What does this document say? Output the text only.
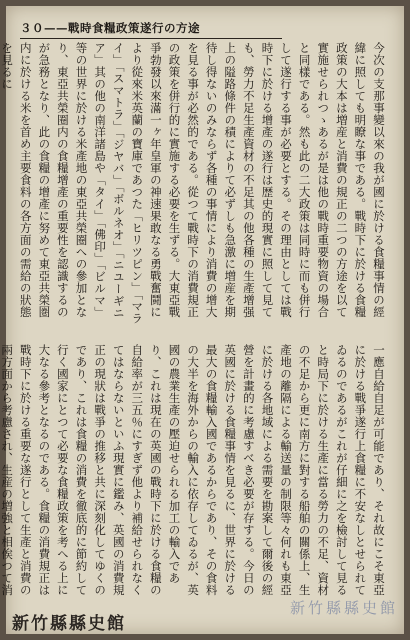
３０——戰時食糧政策遂行の方途
今次の支那事變以來の我が國に於ける食糧事情の經緯に照しても明瞭な事である。戰時下に於ける食糧政策の大本は増産と消費の規正の二つの方途を以て實施せられつゝあるが是は他の戰時重要物資の場合と同樣である。然も此の二大政策は同時に而も併行して遂行する事が必要とする。その理由としては戰時下に於ける增產の遂行は歴史的現實に照して見ても、勞力不足生產資材の不足其の他各種の生產增强上の隘路條件の積によりて必ずしも急激に増産を期待し得ないのみならず各種の事情により消費の增大を見る事が必然的である。從つて戰時下の消費規正の政策を併行的に實施する必要を生ずる。大東亞戰爭勃發以來滿一ヶ年皇軍の神速果敢なる勇戰奮鬪により從來米英蘭の寶庫であつた「ヒリツピン」「マライ」「スマトラ」「ジヤバ」「ボルネオ」「ニユーギニア」其の他の南洋諸島や「タイ」「佛印」「ビルマ」等の世界に於ける米產地の東亞共榮圈への參加となり、東亞共榮圈内の食糧增產の重要性を認識するのが急務となり、此の食糧の增產に努めて東亞共榮圏内に於ける米を首め主要食料の各方面の需給の狀態を見るに
一應自給自足が可能であり、それ故にこそ東亞に於ける戰爭遂行上食糧に不安なしとせられてゐるのであるがこれが仔細に之を檢討して見ると時局下に於ける生產に當る勞力の不足、資材の不足から更に南方に對する船舶の關係上、生產地の離隔による輸送量の制限等々何れも東亞に於ける各地域による需要を勘案して爾後の經營を計畫的に考慮すべき必要が存する。今日の英國に於ける食糧事情を見るに、世界に於ける最大の食糧輸入國であるからであり、その食料の大半を海外からの輸入に依存してゐるが、英國の農業生產の壓迫せられる加工の輸入であり、これは現在の英國の戰時下に於ける食糧の自給率が三五％にすぎず他より補給せられなくてはならないといふ現實に鑑み、英國の消費規正の現狀は戰爭の推移と共に深刻化してゆくのであり、これは食糧の消費を徹底的に節約して行く國家にとつて必要な食糧政策を考へる上に大なる參考となるのである。食糧の消費規正は戰時下に於ける重要な遂行として生產と消費の兩方面から考慮され、生産の増強と相俟つて消
新竹縣縣史館
新竹縣縣史館
